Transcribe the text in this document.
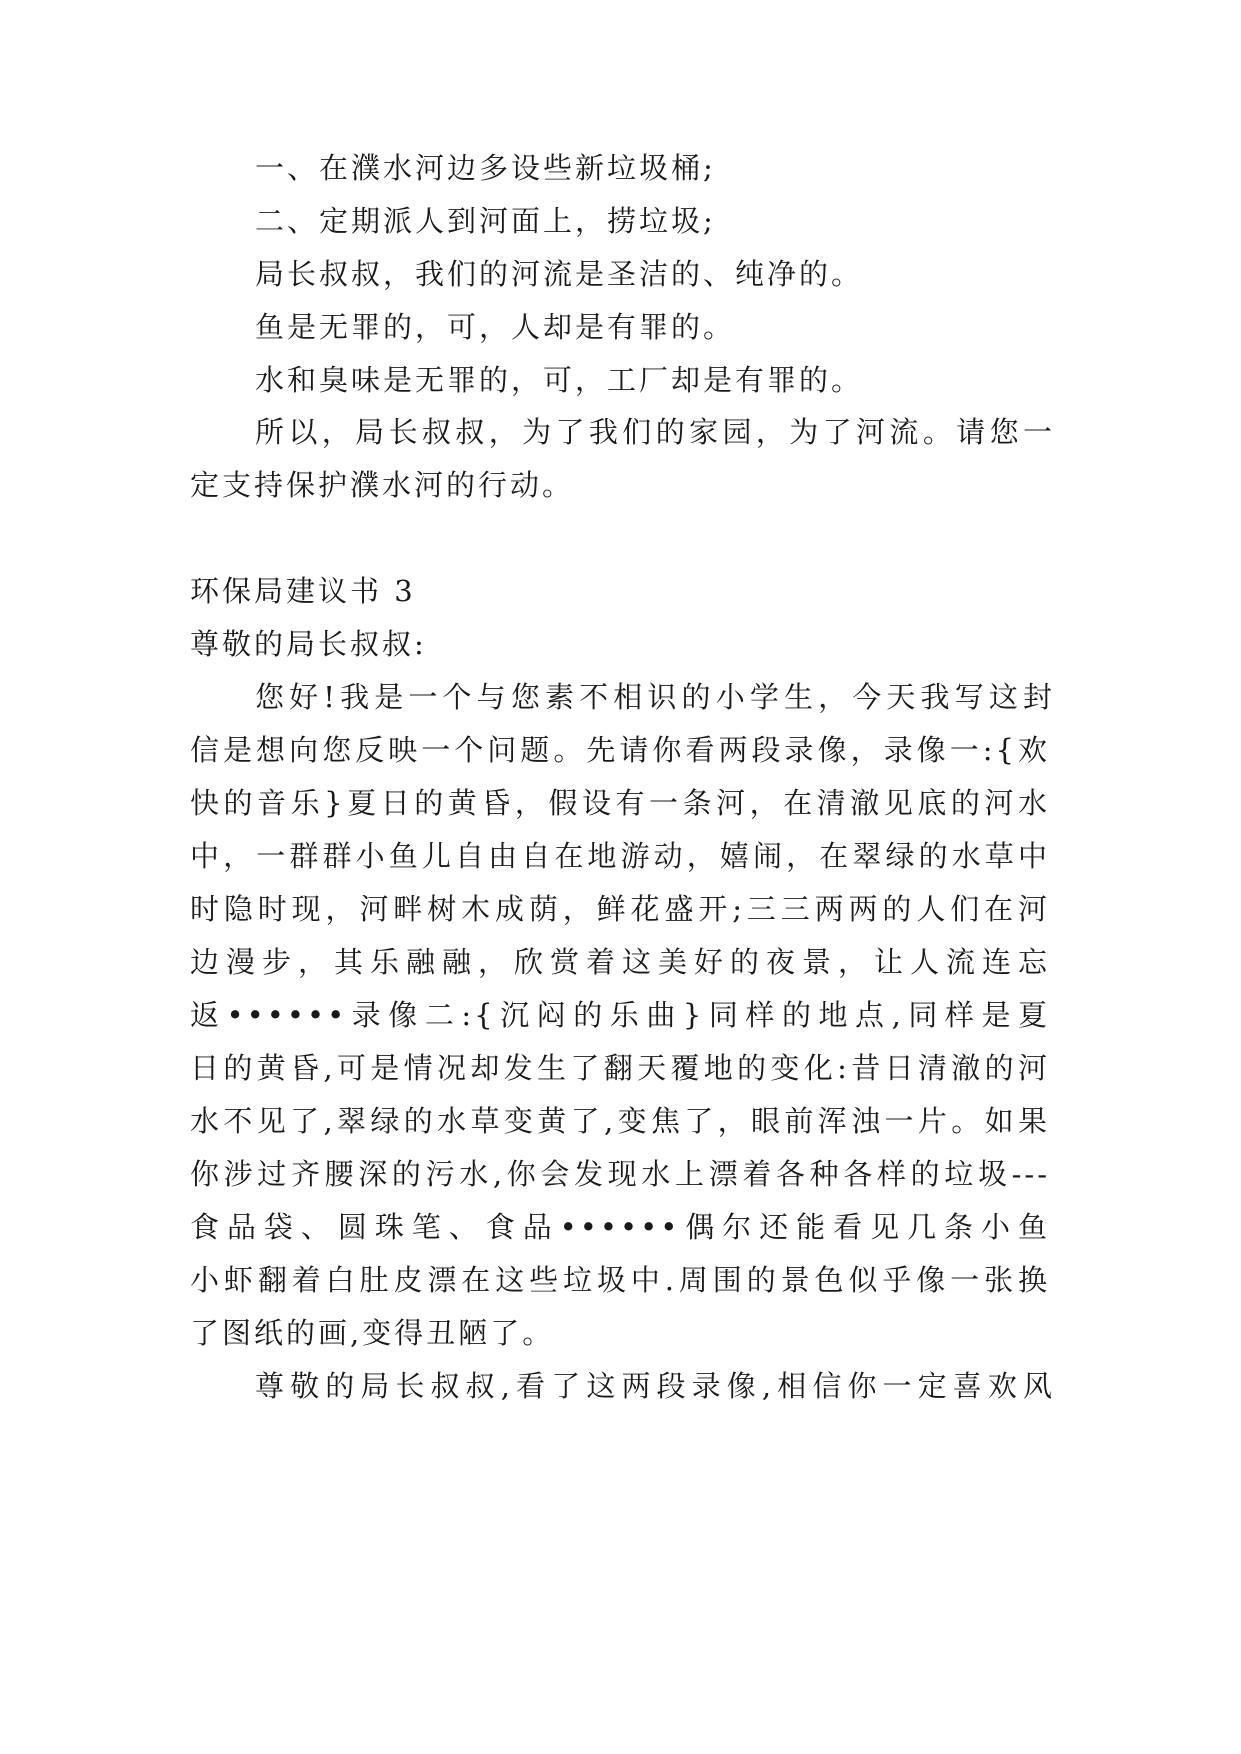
一、在濮水河边多设些新垃圾桶;
二、定期派人到河面上，捞垃圾;
局长叔叔，我们的河流是圣洁的、纯净的。
鱼是无罪的，可，人却是有罪的。
水和臭味是无罪的，可，工厂却是有罪的。
所以，局长叔叔，为了我们的家园，为了河流。请您一
定支持保护濮水河的行动。
环保局建议书 3
尊敬的局长叔叔:
您好!我是一个与您素不相识的小学生，今天我写这封
信是想向您反映一个问题。先请你看两段录像，录像一:{欢
快的音乐}夏日的黄昏，假设有一条河，在清澈见底的河水
中，一群群小鱼儿自由自在地游动，嬉闹，在翠绿的水草中
时隐时现，河畔树木成荫，鲜花盛开;三三两两的人们在河
边漫步，其乐融融，欣赏着这美好的夜景，让人流连忘
返••••••录像二:{沉闷的乐曲}同样的地点,同样是夏
日的黄昏,可是情况却发生了翻天覆地的变化:昔日清澈的河
水不见了,翠绿的水草变黄了,变焦了，眼前浑浊一片。如果
你涉过齐腰深的污水,你会发现水上漂着各种各样的垃圾---
食品袋、圆珠笔、食品••••••偶尔还能看见几条小鱼
小虾翻着白肚皮漂在这些垃圾中.周围的景色似乎像一张换
了图纸的画,变得丑陋了。
尊敬的局长叔叔,看了这两段录像,相信你一定喜欢风
